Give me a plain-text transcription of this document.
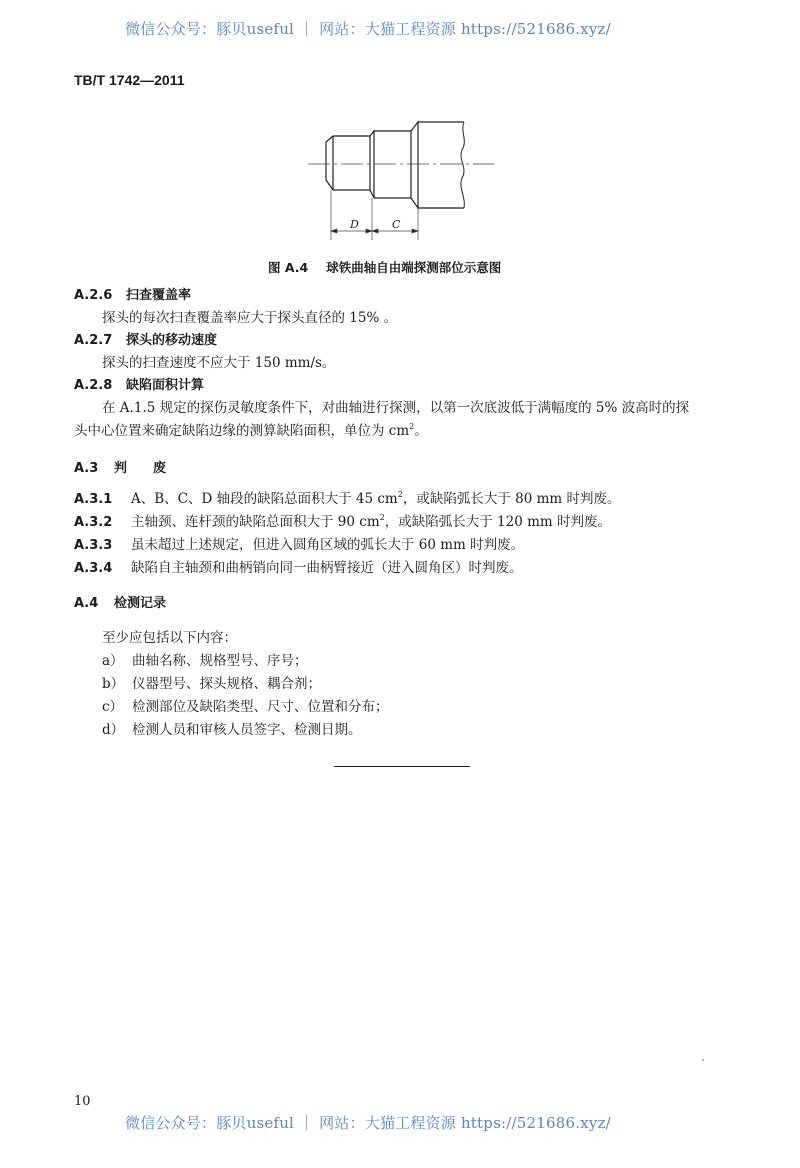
微信公众号：豚贝useful ｜ 网站：大猫工程资源 https://521686.xyz/
TB/T 1742—2011
D	C
图 A.4 球铁曲轴自由端探测部位示意图
A.2.6 扫查覆盖率
探头的每次扫查覆盖率应大于探头直径的 15% 。
A.2.7 探头的移动速度
探头的扫查速度不应大于 150 mm/s。
A.2.8 缺陷面积计算
在 A.1.5 规定的探伤灵敏度条件下，对曲轴进行探测，以第一次底波低于满幅度的 5% 波高时的探
头中心位置来确定缺陷边缘的测算缺陷面积，单位为 $cm^2$。
A.3 判　　废
A.3.1 A、B、C、D 轴段的缺陷总面积大于 45 $cm^2$，或缺陷弧长大于 80 mm 时判废。
A.3.2 主轴颈、连杆颈的缺陷总面积大于 90 $cm^2$，或缺陷弧长大于 120 mm 时判废。
A.3.3 虽未超过上述规定，但进入圆角区域的弧长大于 60 mm 时判废。
A.3.4 缺陷自主轴颈和曲柄销向同一曲柄臂接近（进入圆角区）时判废。
A.4 检测记录
至少应包括以下内容：
a） 曲轴名称、规格型号、序号；
b） 仪器型号、探头规格、耦合剂；
c） 检测部位及缺陷类型、尺寸、位置和分布；
d） 检测人员和审核人员签字、检测日期。
10
微信公众号：豚贝useful ｜ 网站：大猫工程资源 https://521686.xyz/
